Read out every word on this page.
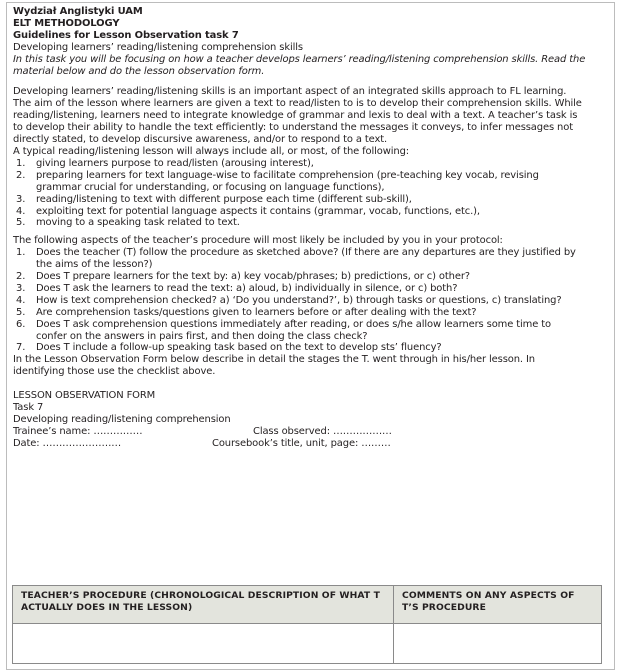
Wydział Anglistyki UAM

ELT METHODOLOGY

Guidelines for Lesson Observation task 7

Developing learners’ reading/listening comprehension skills

In this task you will be focusing on how a teacher develops learners’ reading/listening comprehension skills. Read the

material below and do the lesson observation form.

Developing learners’ reading/listening skills is an important aspect of an integrated skills approach to FL learning.

The aim of the lesson where learners are given a text to read/listen to is to develop their comprehension skills. While

reading/listening, learners need to integrate knowledge of grammar and lexis to deal with a text. A teacher’s task is

to develop their ability to handle the text efficiently: to understand the messages it conveys, to infer messages not

directly stated, to develop discursive awareness, and/or to respond to a text.

A typical reading/listening lesson will always include all, or most, of the following:

1. giving learners purpose to read/listen (arousing interest),
2. preparing learners for text language-wise to facilitate comprehension (pre-teaching key vocab, revising
grammar crucial for understanding, or focusing on language functions),
3. reading/listening to text with different purpose each time (different sub-skill),
4. exploiting text for potential language aspects it contains (grammar, vocab, functions, etc.),
5. moving to a speaking task related to text.

The following aspects of the teacher’s procedure will most likely be included by you in your protocol:

1. Does the teacher (T) follow the procedure as sketched above? (If there are any departures are they justified by
the aims of the lesson?)
2. Does T prepare learners for the text by: a) key vocab/phrases; b) predictions, or c) other?
3. Does T ask the learners to read the text: a) aloud, b) individually in silence, or c) both?
4. How is text comprehension checked? a) ‘Do you understand?’, b) through tasks or questions, c) translating?
5. Are comprehension tasks/questions given to learners before or after dealing with the text?
6. Does T ask comprehension questions immediately after reading, or does s/he allow learners some time to
confer on the answers in pairs first, and then doing the class check?
7. Does T include a follow-up speaking task based on the text to develop sts’ fluency?

In the Lesson Observation Form below describe in detail the stages the T. went through in his/her lesson. In

identifying those use the checklist above.

LESSON OBSERVATION FORM

Task 7

Developing reading/listening comprehension

Trainee’s name: ……………	Class observed: ………………
Date: ……………………	Coursebook’s title, unit, page: ………
TEACHER’S PROCEDURE (CHRONOLOGICAL DESCRIPTION OF WHAT T ACTUALLY DOES IN THE LESSON)	COMMENTS ON ANY ASPECTS OF T’S PROCEDURE
